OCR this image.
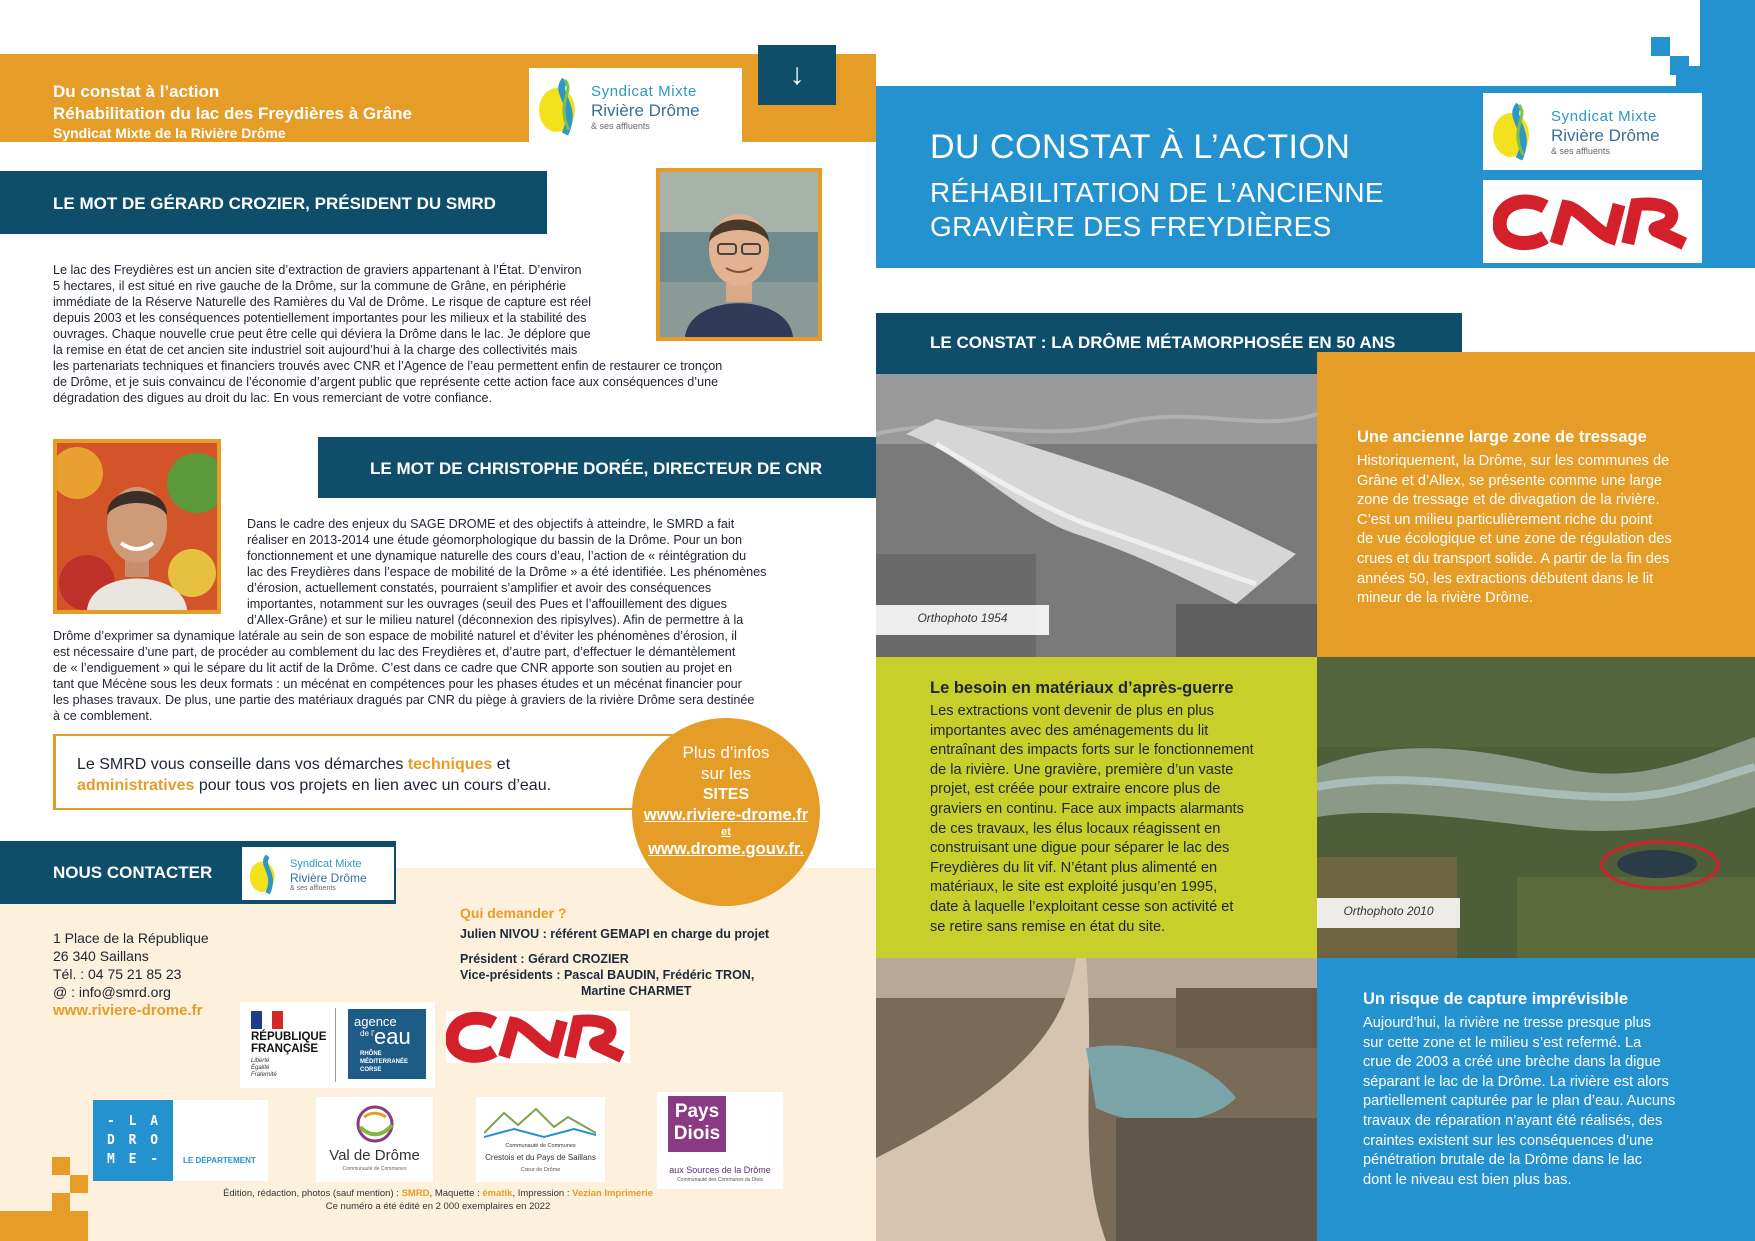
Du constat à l’action
Réhabilitation du lac des Freydières à Grâne
Syndicat Mixte de la Rivière Drôme
Syndicat Mixte
Rivière Drôme
& ses affluents
↓
LE MOT DE GÉRARD CROZIER, PRÉSIDENT DU SMRD
Le lac des Freydières est un ancien site d’extraction de graviers appartenant à l’État. D’environ
5 hectares, il est situé en rive gauche de la Drôme, sur la commune de Grâne, en périphérie
immédiate de la Réserve Naturelle des Ramières du Val de Drôme. Le risque de capture est réel
depuis 2003 et les conséquences potentiellement importantes pour les milieux et la stabilité des
ouvrages. Chaque nouvelle crue peut être celle qui déviera la Drôme dans le lac. Je déplore que
la remise en état de cet ancien site industriel soit aujourd’hui à la charge des collectivités mais
les partenariats techniques et financiers trouvés avec CNR et l’Agence de l’eau permettent enfin de restaurer ce tronçon
de Drôme, et je suis convaincu de l’économie d’argent public que représente cette action face aux conséquences d’une
dégradation des digues au droit du lac. En vous remerciant de votre confiance.
LE MOT DE CHRISTOPHE DORÉE, DIRECTEUR DE CNR
Dans le cadre des enjeux du SAGE DROME et des objectifs à atteindre, le SMRD a fait
réaliser en 2013-2014 une étude géomorphologique du bassin de la Drôme. Pour un bon
fonctionnement et une dynamique naturelle des cours d’eau, l’action de « réintégration du
lac des Freydières dans l’espace de mobilité de la Drôme » a été identifiée. Les phénomènes
d’érosion, actuellement constatés, pourraient s’amplifier et avoir des conséquences
importantes, notamment sur les ouvrages (seuil des Pues et l’affouillement des digues
d’Allex-Grâne) et sur le milieu naturel (déconnexion des ripisylves). Afin de permettre à la
Drôme d’exprimer sa dynamique latérale au sein de son espace de mobilité naturel et d’éviter les phénomènes d’érosion, il
est nécessaire d’une part, de procéder au comblement du lac des Freydières et, d’autre part, d’effectuer le démantèlement
de « l’endiguement » qui le sépare du lit actif de la Drôme. C’est dans ce cadre que CNR apporte son soutien au projet en
tant que Mécène sous les deux formats : un mécénat en compétences pour les phases études et un mécénat financier pour
les phases travaux. De plus, une partie des matériaux dragués par CNR du piège à graviers de la rivière Drôme sera destinée
à ce comblement.
Le SMRD vous conseille dans vos démarches techniques et
administratives pour tous vos projets en lien avec un cours d’eau.
Plus d’infos
sur les
SITES
www.riviere-drome.fr
et
www.drome.gouv.fr.
NOUS CONTACTER	Syndicat Mixte
Rivière Drôme
& ses affluents
1 Place de la République
26 340 Saillans
Tél. : 04 75 21 85 23
@ : info@smrd.org
www.riviere-drome.fr
Qui demander ?
Julien NIVOU : référent GEMAPI en charge du projet
Président : Gérard CROZIER
Vice-présidents : Pascal BAUDIN, Frédéric TRON,
Martine CHARMET
RÉPUBLIQUE
FRANÇAISE
Liberté
Égalité
Fraternité
agence
de l’ eau
RHÔNE
MÉDITERRANÉE
CORSE
- L A
D R O
M E -	LE DÉPARTEMENT	Val de Drôme
Communauté de Communes
Communauté de Communes
Crestois et du Pays de Saillans
Cœur de Drôme
Pays
Diois
aux Sources de la Drôme
Communauté des Communes du Diois
Édition, rédaction, photos (sauf mention) : SMRD, Maquette : ématik, Impression : Vezian Imprimerie
Ce numéro a été édité en 2 000 exemplaires en 2022
DU CONSTAT À L’ACTION
RÉHABILITATION DE L’ANCIENNE
GRAVIÈRE DES FREYDIÈRES
Syndicat Mixte
Rivière Drôme
& ses affluents
LE CONSTAT : LA DRÔME MÉTAMORPHOSÉE EN 50 ANS
Orthophoto 1954
Une ancienne large zone de tressage
Historiquement, la Drôme, sur les communes de
Grâne et d’Allex, se présente comme une large
zone de tressage et de divagation de la rivière.
C’est un milieu particulièrement riche du point
de vue écologique et une zone de régulation des
crues et du transport solide. A partir de la fin des
années 50, les extractions débutent dans le lit
mineur de la rivière Drôme.
Le besoin en matériaux d’après-guerre
Les extractions vont devenir de plus en plus
importantes avec des aménagements du lit
entraînant des impacts forts sur le fonctionnement
de la rivière. Une gravière, première d’un vaste
projet, est créée pour extraire encore plus de
graviers en continu. Face aux impacts alarmants
de ces travaux, les élus locaux réagissent en
construisant une digue pour séparer le lac des
Freydières du lit vif. N’étant plus alimenté en
matériaux, le site est exploité jusqu’en 1995,
date à laquelle l’exploitant cesse son activité et
se retire sans remise en état du site.
Orthophoto 2010
Un risque de capture imprévisible
Aujourd’hui, la rivière ne tresse presque plus
sur cette zone et le milieu s’est refermé. La
crue de 2003 a créé une brèche dans la digue
séparant le lac de la Drôme. La rivière est alors
partiellement capturée par le plan d’eau. Aucuns
travaux de réparation n’ayant été réalisés, des
craintes existent sur les conséquences d’une
pénétration brutale de la Drôme dans le lac
dont le niveau est bien plus bas.
